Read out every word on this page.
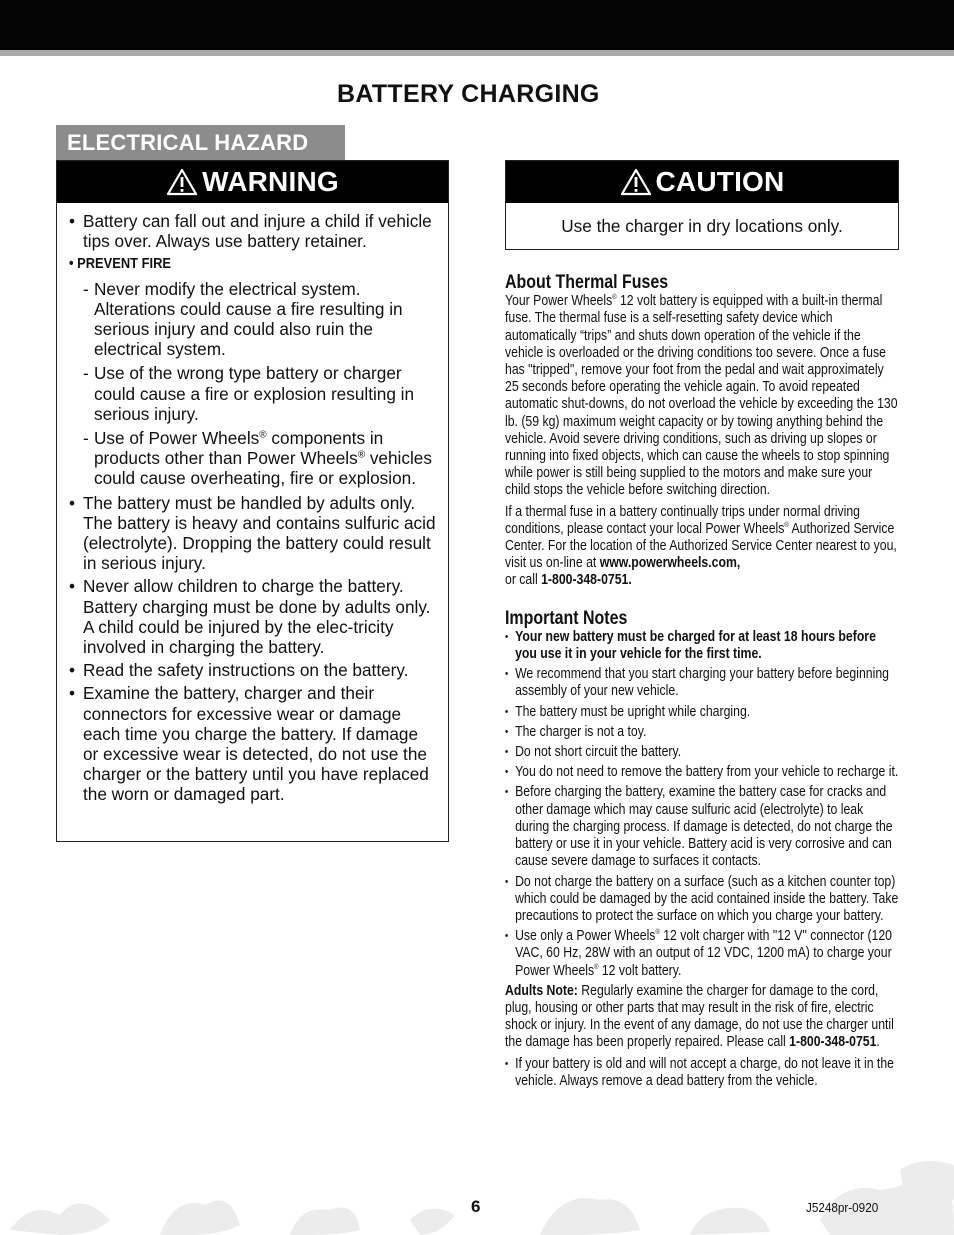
BATTERY CHARGING
ELECTRICAL HAZARD
WARNING
• Battery can fall out and injure a child if vehicle tips over. Always use battery retainer.
• PREVENT FIRE
- Never modify the electrical system. Alterations could cause a fire resulting in serious injury and could also ruin the electrical system.
- Use of the wrong type battery or charger could cause a fire or explosion resulting in serious injury.
- Use of Power Wheels® components in products other than Power Wheels® vehicles could cause overheating, fire or explosion.
• The battery must be handled by adults only. The battery is heavy and contains sulfuric acid (electrolyte). Dropping the battery could result in serious injury.
• Never allow children to charge the battery. Battery charging must be done by adults only. A child could be injured by the elec-tricity involved in charging the battery.
• Read the safety instructions on the battery.
• Examine the battery, charger and their connectors for excessive wear or damage each time you charge the battery. If damage or excessive wear is detected, do not use the charger or the battery until you have replaced the worn or damaged part.
CAUTION
Use the charger in dry locations only.
About Thermal Fuses

Your Power Wheels® 12 volt battery is equipped with a built-in thermal fuse. The thermal fuse is a self-resetting safety device which automatically “trips” and shuts down operation of the vehicle if the vehicle is overloaded or the driving conditions too severe. Once a fuse has "tripped", remove your foot from the pedal and wait approximately 25 seconds before operating the vehicle again. To avoid repeated automatic shut-downs, do not overload the vehicle by exceeding the 130 lb. (59 kg) maximum weight capacity or by towing anything behind the vehicle. Avoid severe driving conditions, such as driving up slopes or running into fixed objects, which can cause the wheels to stop spinning while power is still being supplied to the motors and make sure your child stops the vehicle before switching direction.

If a thermal fuse in a battery continually trips under normal driving conditions, please contact your local Power Wheels® Authorized Service Center. For the location of the Authorized Service Center nearest to you, visit us on-line at www.powerwheels.com,
or call 1-800-348-0751.

Important Notes
• Your new battery must be charged for at least 18 hours before you use it in your vehicle for the first time.
• We recommend that you start charging your battery before beginning assembly of your new vehicle.
• The battery must be upright while charging.
• The charger is not a toy.
• Do not short circuit the battery.
• You do not need to remove the battery from your vehicle to recharge it.
• Before charging the battery, examine the battery case for cracks and other damage which may cause sulfuric acid (electrolyte) to leak during the charging process. If damage is detected, do not charge the battery or use it in your vehicle. Battery acid is very corrosive and can cause severe damage to surfaces it contacts.
• Do not charge the battery on a surface (such as a kitchen counter top) which could be damaged by the acid contained inside the battery. Take precautions to protect the surface on which you charge your battery.
• Use only a Power Wheels® 12 volt charger with "12 V" connector (120 VAC, 60 Hz, 28W with an output of 12 VDC, 1200 mA) to charge your Power Wheels® 12 volt battery.

Adults Note: Regularly examine the charger for damage to the cord, plug, housing or other parts that may result in the risk of fire, electric shock or injury. In the event of any damage, do not use the charger until the damage has been properly repaired. Please call 1-800-348-0751.

• If your battery is old and will not accept a charge, do not leave it in the vehicle. Always remove a dead battery from the vehicle.
6	J5248pr-0920
